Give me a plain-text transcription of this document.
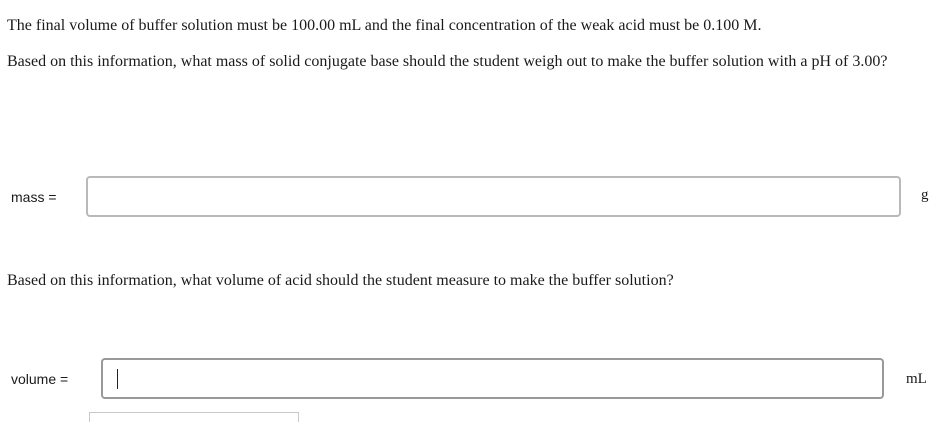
The final volume of buffer solution must be 100.00 mL and the final concentration of the weak acid must be 0.100 M.

Based on this information, what mass of solid conjugate base should the student weigh out to make the buffer solution with a pH of 3.00?

mass =	g

Based on this information, what volume of acid should the student measure to make the buffer solution?

volume =	mL
